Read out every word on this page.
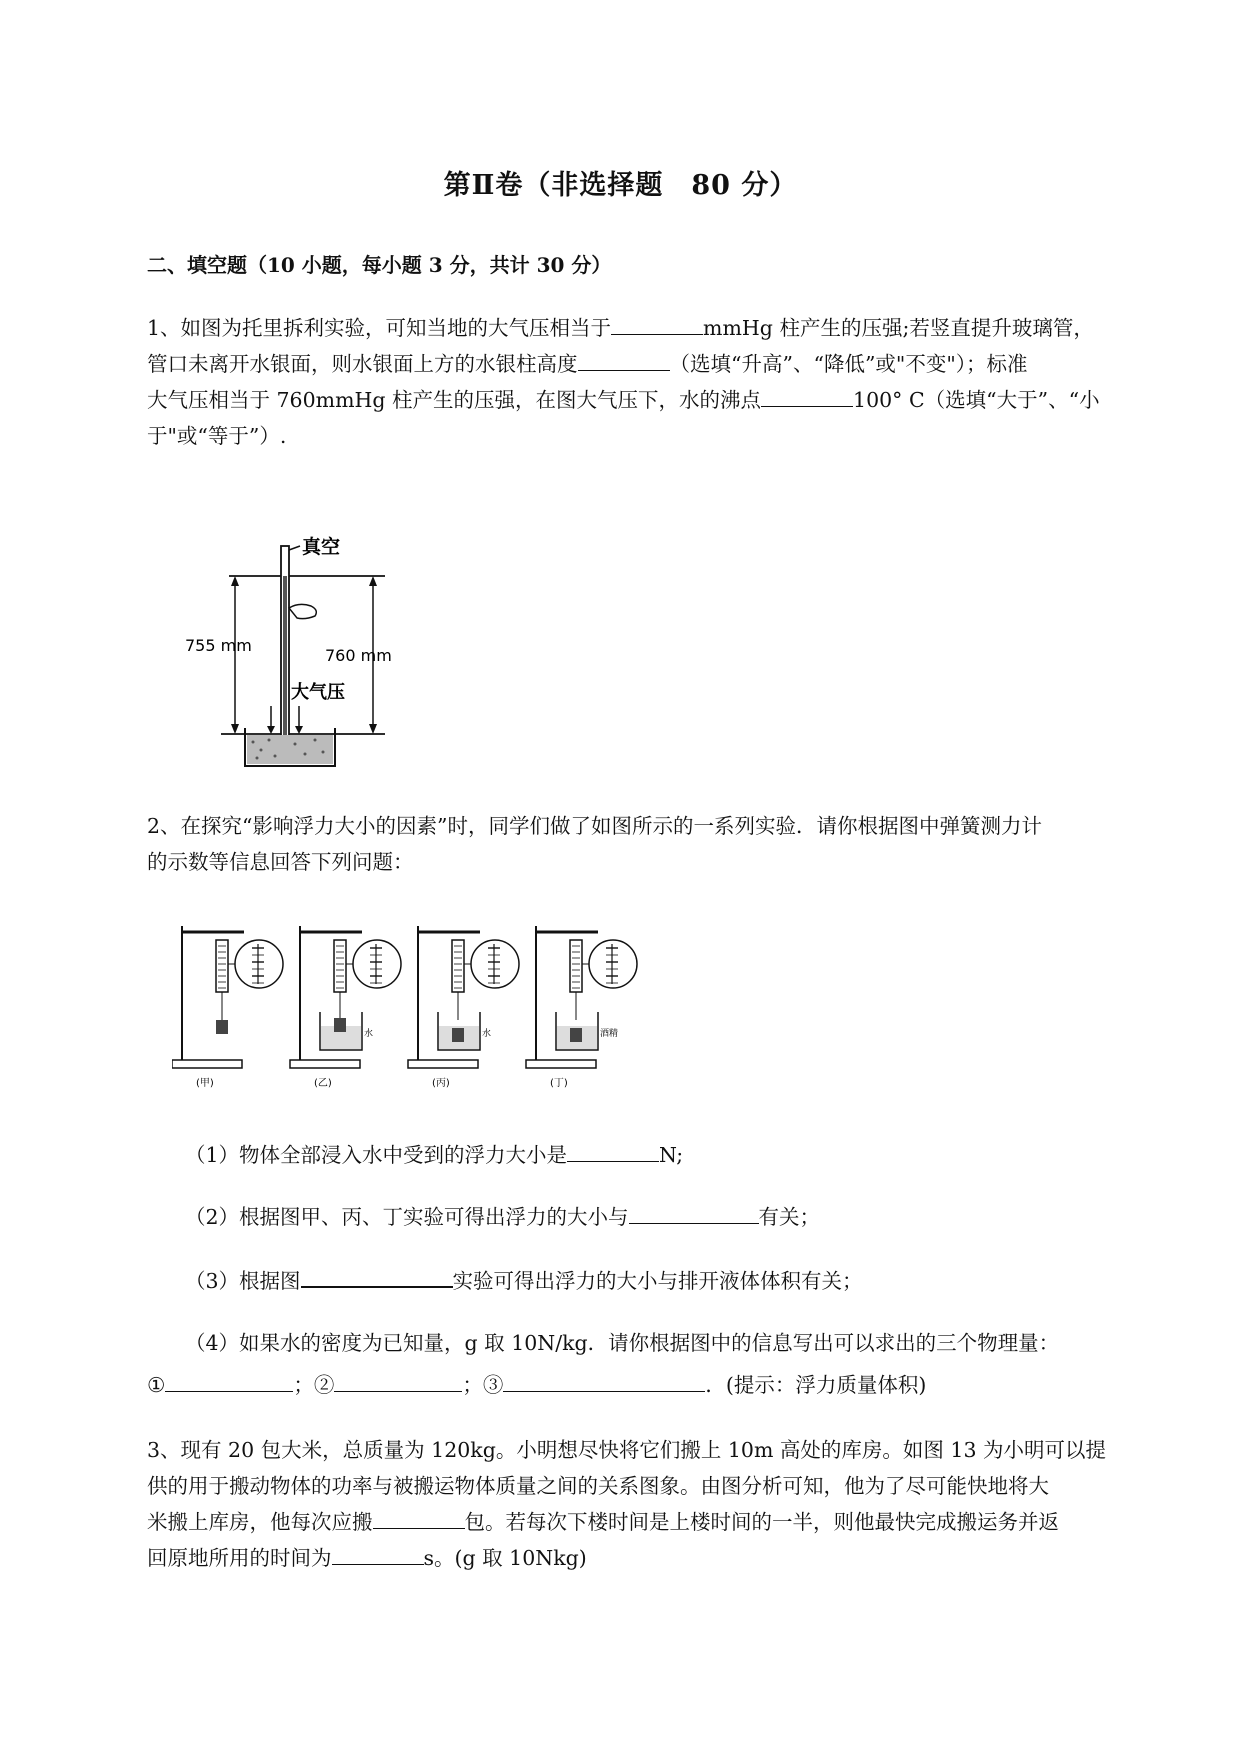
第Ⅱ卷（非选择题　80 分）
二、填空题（10 小题，每小题 3 分，共计 30 分）
1、如图为托里拆利实验，可知当地的大气压相当于	mmHg 柱产生的压强;若竖直提升玻璃管，
管口未离开水银面，则水银面上方的水银柱高度	（选填“升高”、“降低”或"不变"）；标准
大气压相当于 760mmHg 柱产生的压强，在图大气压下，水的沸点	100° C（选填“大于”、“小
于"或“等于”）.
真空
755 mm
760 mm
大气压
2、在探究“影响浮力大小的因素”时，同学们做了如图所示的一系列实验．请你根据图中弹簧测力计
的示数等信息回答下列问题：
(甲)
水
(乙)
水
(丙)
酒精
(丁)
（1）物体全部浸入水中受到的浮力大小是	N;
（2）根据图甲、丙、丁实验可得出浮力的大小与	有关；
（3）根据图	实验可得出浮力的大小与排开液体体积有关；
（4）如果水的密度为已知量，g 取 10N/kg．请你根据图中的信息写出可以求出的三个物理量：
①	；②	；③	．(提示：浮力质量体积)
3、现有 20 包大米，总质量为 120kg。小明想尽快将它们搬上 10m 高处的库房。如图 13 为小明可以提
供的用于搬动物体的功率与被搬运物体质量之间的关系图象。由图分析可知，他为了尽可能快地将大
米搬上库房，他每次应搬	包。若每次下楼时间是上楼时间的一半，则他最快完成搬运务并返
回原地所用的时间为	s。(g 取 10Nkg)
